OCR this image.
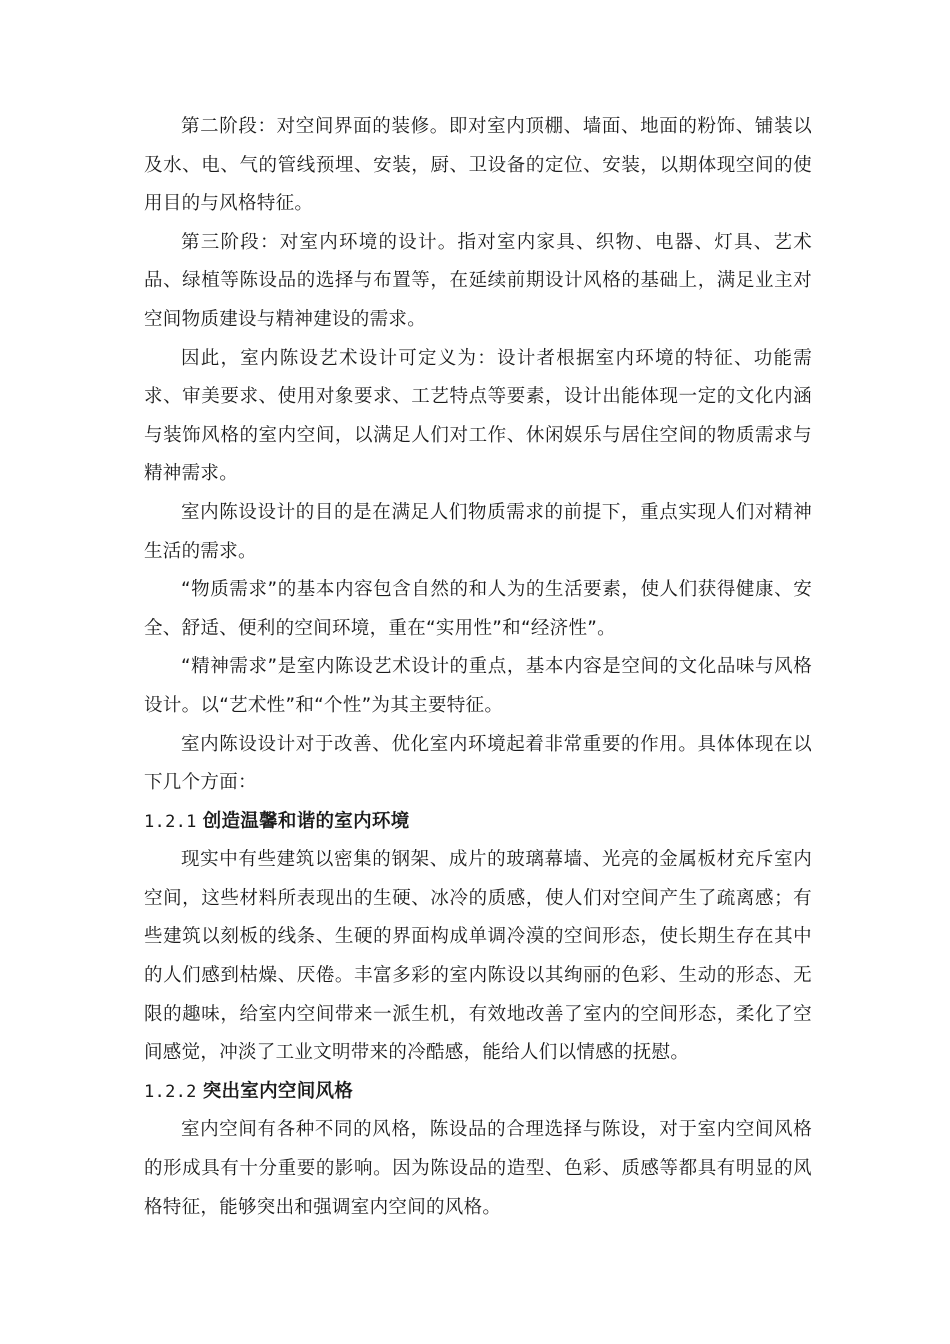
第二阶段：对空间界面的装修。即对室内顶棚、墙面、地面的粉饰、铺装以及水、电、气的管线预埋、安装，厨、卫设备的定位、安装，以期体现空间的使用目的与风格特征。

第三阶段：对室内环境的设计。指对室内家具、织物、电器、灯具、艺术品、绿植等陈设品的选择与布置等，在延续前期设计风格的基础上，满足业主对空间物质建设与精神建设的需求。

因此，室内陈设艺术设计可定义为：设计者根据室内环境的特征、功能需求、审美要求、使用对象要求、工艺特点等要素，设计出能体现一定的文化内涵与装饰风格的室内空间，以满足人们对工作、休闲娱乐与居住空间的物质需求与精神需求。

室内陈设设计的目的是在满足人们物质需求的前提下，重点实现人们对精神生活的需求。

“物质需求”的基本内容包含自然的和人为的生活要素，使人们获得健康、安全、舒适、便利的空间环境，重在“实用性”和“经济性”。

“精神需求”是室内陈设艺术设计的重点，基本内容是空间的文化品味与风格设计。以“艺术性”和“个性”为其主要特征。

室内陈设设计对于改善、优化室内环境起着非常重要的作用。具体体现在以下几个方面：

1.2.1 创造温馨和谐的室内环境

现实中有些建筑以密集的钢架、成片的玻璃幕墙、光亮的金属板材充斥室内空间，这些材料所表现出的生硬、冰冷的质感，使人们对空间产生了疏离感；有些建筑以刻板的线条、生硬的界面构成单调冷漠的空间形态，使长期生存在其中的人们感到枯燥、厌倦。丰富多彩的室内陈设以其绚丽的色彩、生动的形态、无限的趣味，给室内空间带来一派生机，有效地改善了室内的空间形态，柔化了空间感觉，冲淡了工业文明带来的冷酷感，能给人们以情感的抚慰。

1.2.2 突出室内空间风格

室内空间有各种不同的风格，陈设品的合理选择与陈设，对于室内空间风格的形成具有十分重要的影响。因为陈设品的造型、色彩、质感等都具有明显的风格特征，能够突出和强调室内空间的风格。
